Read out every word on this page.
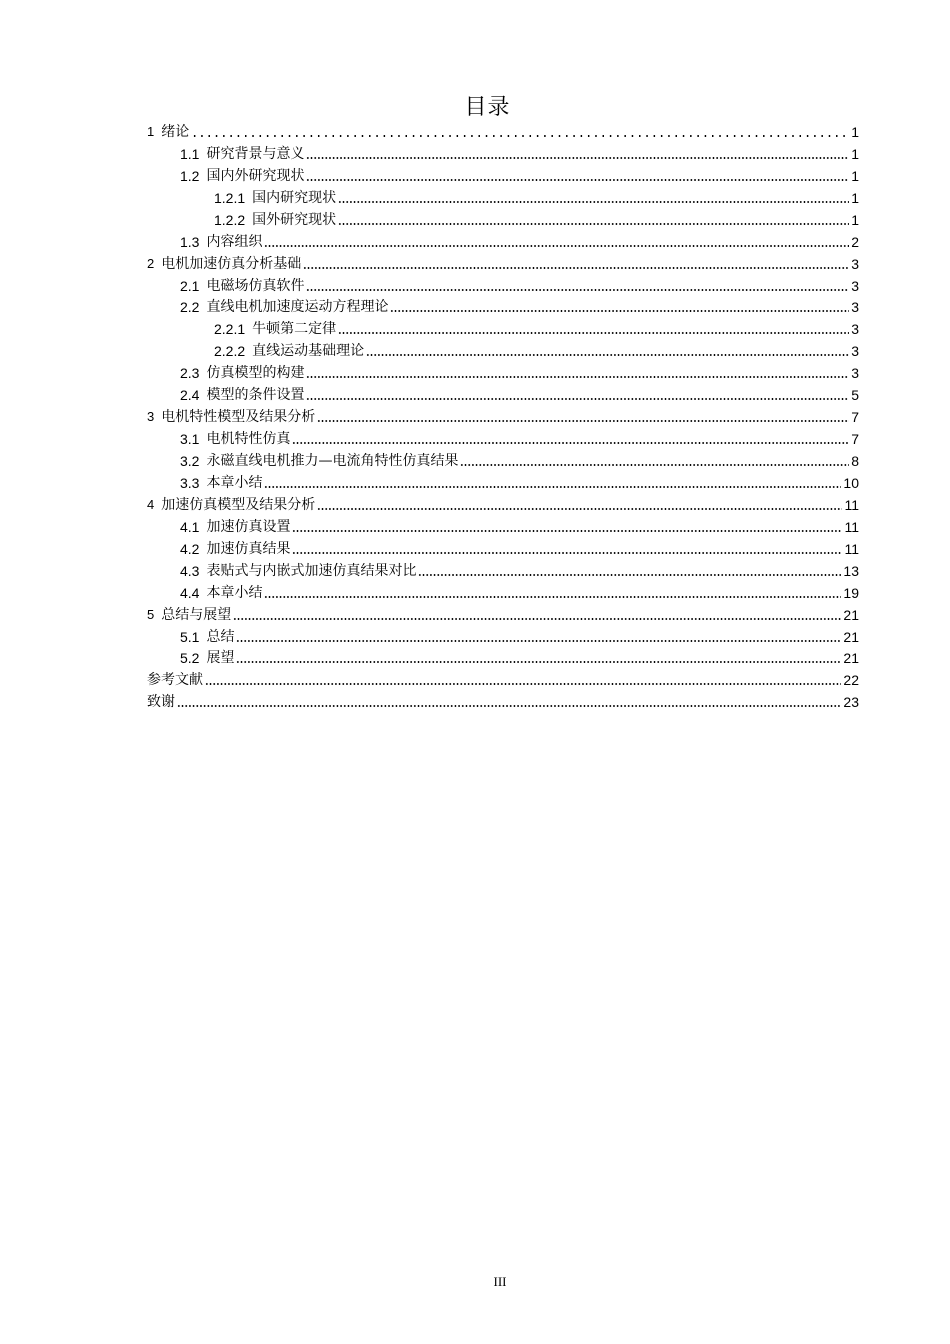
目录
1 绪论	1
1.1 研究背景与意义	1
1.2 国内外研究现状	1
1.2.1 国内研究现状	1
1.2.2 国外研究现状	1
1.3 内容组织	2
2 电机加速仿真分析基础	3
2.1 电磁场仿真软件	3
2.2 直线电机加速度运动方程理论	3
2.2.1 牛顿第二定律	3
2.2.2 直线运动基础理论	3
2.3 仿真模型的构建	3
2.4 模型的条件设置	5
3 电机特性模型及结果分析	7
3.1 电机特性仿真	7
3.2 永磁直线电机推力—电流角特性仿真结果	8
3.3 本章小结	10
4 加速仿真模型及结果分析	11
4.1 加速仿真设置	11
4.2 加速仿真结果	11
4.3 表贴式与内嵌式加速仿真结果对比	13
4.4 本章小结	19
5 总结与展望	21
5.1 总结	21
5.2 展望	21
参考文献	22
致谢	23
III
